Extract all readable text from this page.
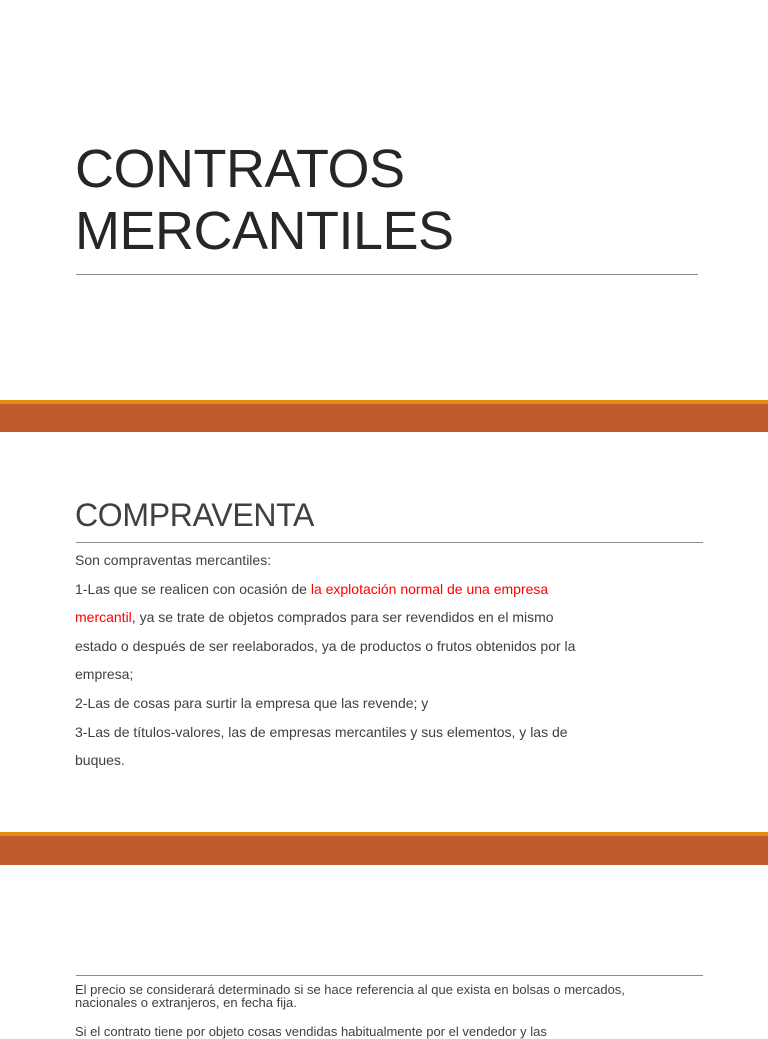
CONTRATOS
MERCANTILES
COMPRAVENTA
Son compraventas mercantiles:
1-Las que se realicen con ocasión de la explotación normal de una empresa
mercantil, ya se trate de objetos comprados para ser revendidos en el mismo
estado o después de ser reelaborados, ya de productos o frutos obtenidos por la
empresa;
2-Las de cosas para surtir la empresa que las revende; y
3-Las de títulos-valores, las de empresas mercantiles y sus elementos, y las de
buques.
El precio se considerará determinado si se hace referencia al que exista en bolsas o mercados,
nacionales o extranjeros, en fecha fija.
Si el contrato tiene por objeto cosas vendidas habitualmente por el vendedor y las
